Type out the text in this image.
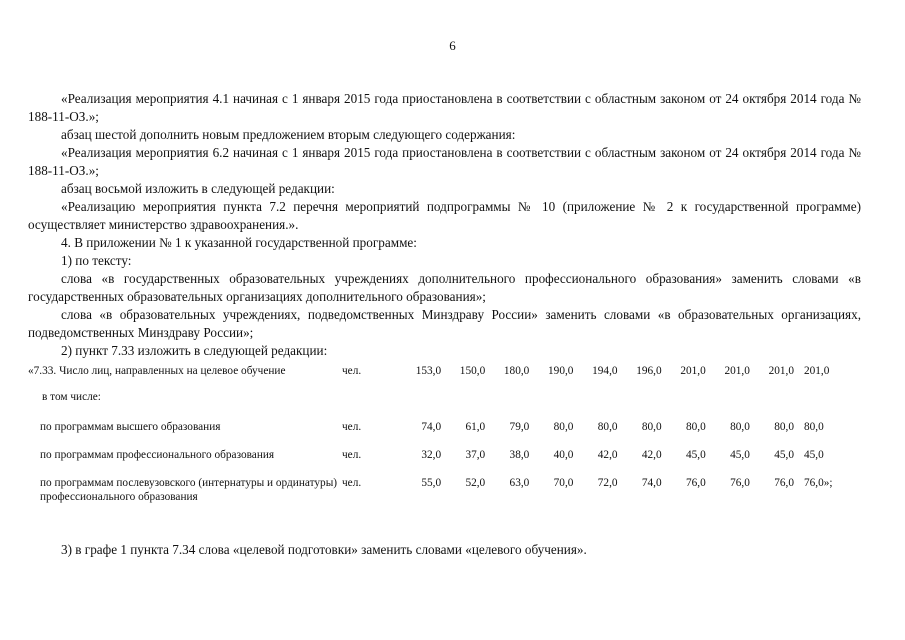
6

«Реализация мероприятия 4.1 начиная с 1 января 2015 года приостановлена в соответствии с областным законом от 24 октября 2014 года № 188-11-ОЗ.»;

абзац шестой дополнить новым предложением вторым следующего содержания:

«Реализация мероприятия 6.2 начиная с 1 января 2015 года приостановлена в соответствии с областным законом от 24 октября 2014 года № 188-11-ОЗ.»;

абзац восьмой изложить в следующей редакции:

«Реализацию мероприятия пункта 7.2 перечня мероприятий подпрограммы № 10 (приложение № 2 к государственной программе) осуществляет министерство здравоохранения.».

4. В приложении № 1 к указанной государственной программе:

1) по тексту:

слова «в государственных образовательных учреждениях дополнительного профессионального образования» заменить словами «в государственных образовательных организациях дополнительного образования»;

слова «в образовательных учреждениях, подведомственных Минздраву России» заменить словами «в образовательных организациях, подведомственных Минздраву России»;

2) пункт 7.33 изложить в следующей редакции:

«7.33. Число лиц, направленных на целевое обучение	чел.	153,0	150,0	180,0	190,0	194,0	196,0	201,0	201,0	201,0	201,0
в том числе:											
по программам высшего образования	чел.	74,0	61,0	79,0	80,0	80,0	80,0	80,0	80,0	80,0	80,0
по программам профессионального образования	чел.	32,0	37,0	38,0	40,0	42,0	42,0	45,0	45,0	45,0	45,0
по программам послевузовского (интернатуры и ординатуры) профессионального образования	чел.	55,0	52,0	63,0	70,0	72,0	74,0	76,0	76,0	76,0	76,0»;

3) в графе 1 пункта 7.34 слова «целевой подготовки» заменить словами «целевого обучения».
